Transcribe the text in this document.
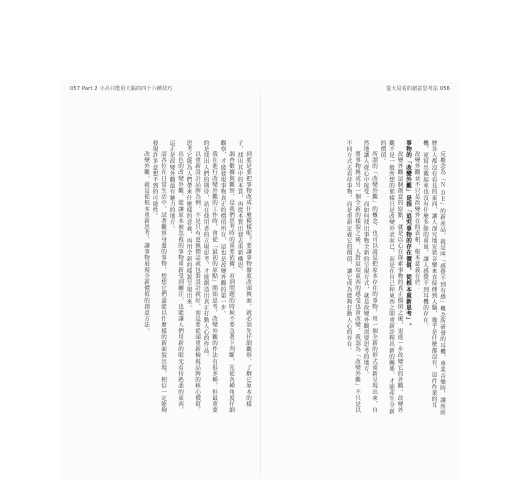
057 Part 2 小兵只能用大腦的四十六種技巧	從大局看的創意思考法 056

反覆念為「Ｎ ＤＥ」的新產品，就是叫「感覺不到有感」概念所研發的耳機，專業音樂時，讓所經歷各人都沒有看見的東西，讓人深究地安裝音樂來直接傳到人腦，幾乎是什麼都沒有，這件作業的耳機，更寫出戴起來也沒有什麼多餘的重量，讓人感覺不到耳機的存在。

改變外觀並不只是改變外在的表相，根本意義在於：

事物的「改變外觀」是指「追究事物的存在價值，從根本重新思考」。

改變外觀這個創意的原點，就是以心在探索事物的真正價值之後，更進一步改變它的外觀。改變外觀不是一般所想的那樣只是改變外表而已，而是在自己和東西之間重新詮釋出新的關係，才能產生全新的價值。

所謂的「改變外觀」的概念，也可以說是把原本存在的事物，用一個全新的形式重新呈現出來，自然地讓人從心中接受。而如何找出事物全新的呈現方式，就是改變外觀需要思考的地方。

將事物換成另一個全新的樣貌之後，人對這項東西的感受也會改變，我認為「改變外觀」不只是以不同方式去看待事物，而是重新定義它的價值，讓它成為能夠打動人心的存在。

到底是要把事物改成什麼模樣呢？要讓事物徹底改頭換面，就必須先仔細觀察，了解它原本的樣子，找出其中的本質，再從本質出發去重新構思。

調查數據與觀察，是我們思考時的重要依據，看到問題的時候不要急著下判斷，先從各種角度仔細觀察，才能發現事物真正的價值所在，這也是改變外觀的第一步。

我在進行改變外觀的工作時，會從「最初的原點」開始思考，改變外觀的作法有很多種，但最重要的是找出人們的期待，站在使用者的立場思考，才能創造出真正打動人心的作品。

以重新設計品牌為例，不是只有更換標誌或包裝設計就好，而是要從頭重新檢視品牌的核心價值，思考它能為人們帶來什麼樣的意義，再用全新的樣貌呈現出來。

出色的改變外觀，能讓原本被忽視的事物重新受到關注，也能讓人們用新的眼光看待熟悉的東西，這正是改變外觀最有魅力的地方。

請各位在日常生活中，試著觀察身邊的事物，想想它們還能以什麼樣的新面貌出現，相信一定能夠發現許多意想不到的可能性。

改變外觀，就是從根本重新思考，讓事物展現全新價值的創意方法。
